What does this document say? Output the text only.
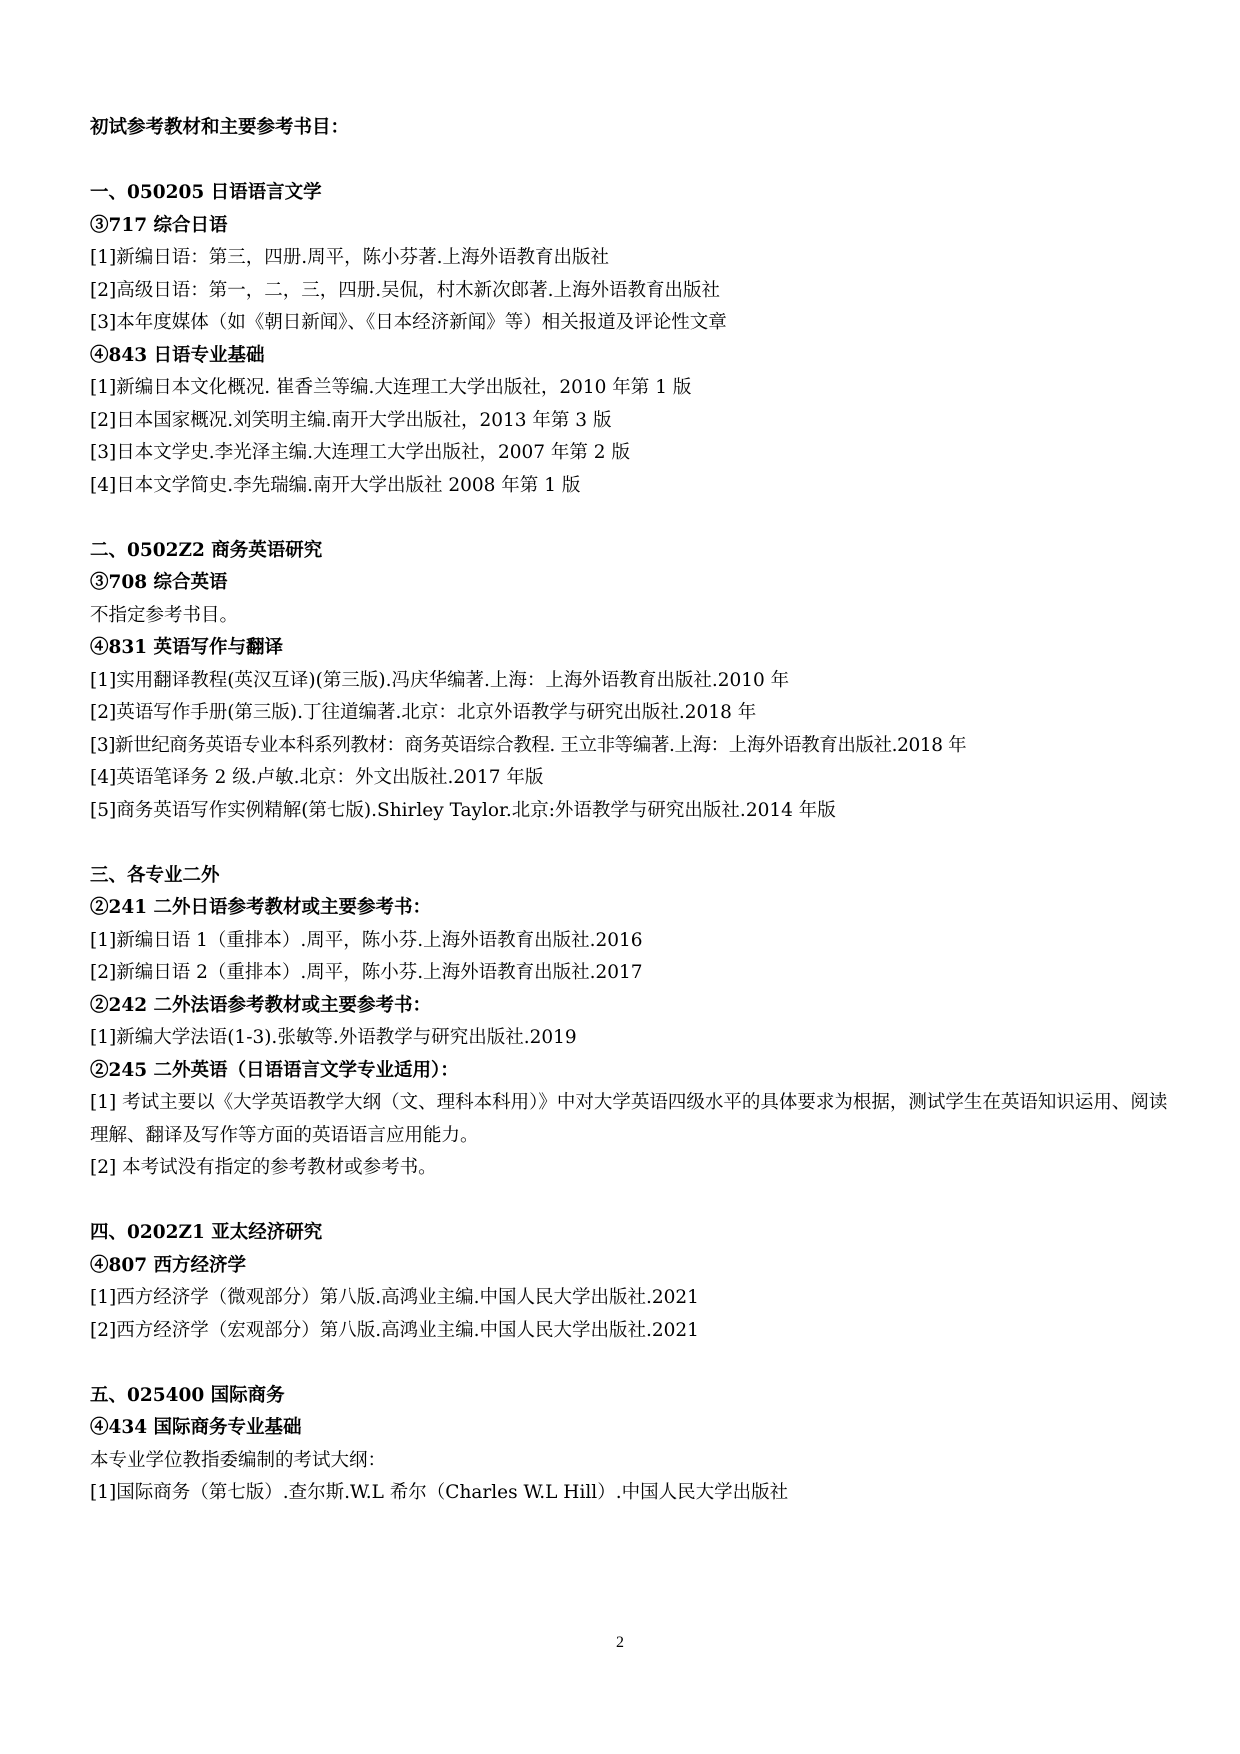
初试参考教材和主要参考书目：
一、050205 日语语言文学
③717 综合日语
[1]新编日语：第三，四册.周平，陈小芬著.上海外语教育出版社
[2]高级日语：第一，二，三，四册.吴侃，村木新次郎著.上海外语教育出版社
[3]本年度媒体（如《朝日新闻》、《日本经济新闻》等）相关报道及评论性文章
④843 日语专业基础
[1]新编日本文化概况. 崔香兰等编.大连理工大学出版社，2010 年第 1 版
[2]日本国家概况.刘笑明主编.南开大学出版社，2013 年第 3 版
[3]日本文学史.李光泽主编.大连理工大学出版社，2007 年第 2 版
[4]日本文学简史.李先瑞编.南开大学出版社 2008 年第 1 版
二、0502Z2 商务英语研究
③708 综合英语
不指定参考书目。
④831 英语写作与翻译
[1]实用翻译教程(英汉互译)(第三版).冯庆华编著.上海：上海外语教育出版社.2010 年
[2]英语写作手册(第三版).丁往道编著.北京：北京外语教学与研究出版社.2018 年
[3]新世纪商务英语专业本科系列教材：商务英语综合教程. 王立非等编著.上海：上海外语教育出版社.2018 年
[4]英语笔译务 2 级.卢敏.北京：外文出版社.2017 年版
[5]商务英语写作实例精解(第七版).Shirley Taylor.北京:外语教学与研究出版社.2014 年版
三、各专业二外
②241 二外日语参考教材或主要参考书：
[1]新编日语 1（重排本）.周平，陈小芬.上海外语教育出版社.2016
[2]新编日语 2（重排本）.周平，陈小芬.上海外语教育出版社.2017
②242 二外法语参考教材或主要参考书：
[1]新编大学法语(1-3).张敏等.外语教学与研究出版社.2019
②245 二外英语（日语语言文学专业适用）：
[1] 考试主要以《大学英语教学大纲（文、理科本科用）》中对大学英语四级水平的具体要求为根据，测试学生在英语知识运用、阅读理解、翻译及写作等方面的英语语言应用能力。
[2] 本考试没有指定的参考教材或参考书。
四、0202Z1 亚太经济研究
④807 西方经济学
[1]西方经济学（微观部分）第八版.高鸿业主编.中国人民大学出版社.2021
[2]西方经济学（宏观部分）第八版.高鸿业主编.中国人民大学出版社.2021
五、025400 国际商务
④434 国际商务专业基础
本专业学位教指委编制的考试大纲：
[1]国际商务（第七版）.查尔斯.W.L 希尔（Charles W.L Hill）.中国人民大学出版社
2
